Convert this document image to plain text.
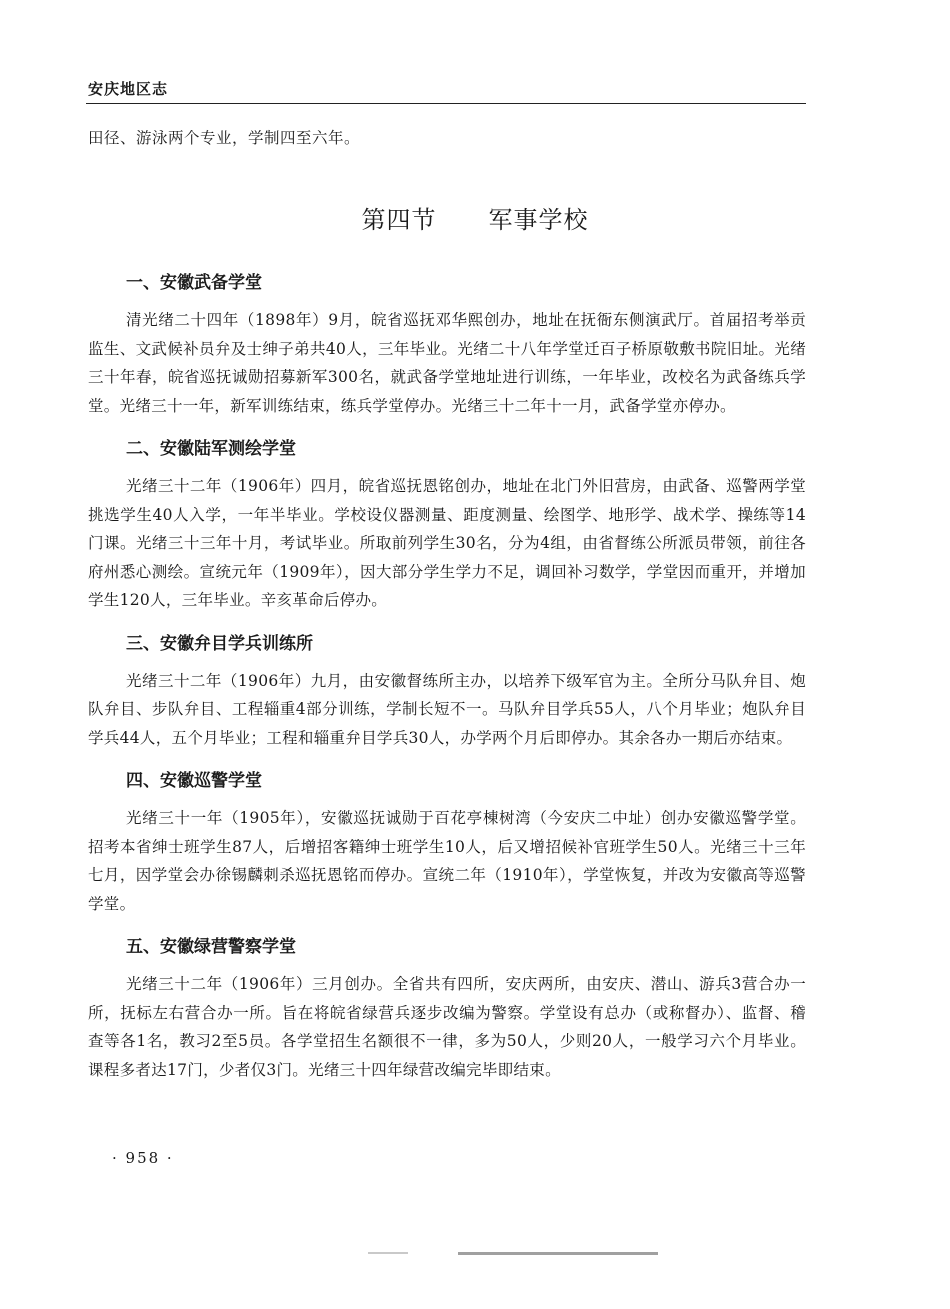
安庆地区志
田径、游泳两个专业，学制四至六年。
第四节 军事学校
一、安徽武备学堂
清光绪二十四年（1898年）9月，皖省巡抚邓华熙创办，地址在抚衙东侧演武厅。首届招考举贡监生、文武候补员弁及士绅子弟共40人，三年毕业。光绪二十八年学堂迁百子桥原敬敷书院旧址。光绪三十年春，皖省巡抚诚勋招募新军300名，就武备学堂地址进行训练，一年毕业，改校名为武备练兵学堂。光绪三十一年，新军训练结束，练兵学堂停办。光绪三十二年十一月，武备学堂亦停办。
二、安徽陆军测绘学堂
光绪三十二年（1906年）四月，皖省巡抚恩铭创办，地址在北门外旧营房，由武备、巡警两学堂挑选学生40人入学，一年半毕业。学校设仪器测量、距度测量、绘图学、地形学、战术学、操练等14门课。光绪三十三年十月，考试毕业。所取前列学生30名，分为4组，由省督练公所派员带领，前往各府州悉心测绘。宣统元年（1909年），因大部分学生学力不足，调回补习数学，学堂因而重开，并增加学生120人，三年毕业。辛亥革命后停办。
三、安徽弁目学兵训练所
光绪三十二年（1906年）九月，由安徽督练所主办，以培养下级军官为主。全所分马队弁目、炮队弁目、步队弁目、工程辎重4部分训练，学制长短不一。马队弁目学兵55人，八个月毕业；炮队弁目学兵44人，五个月毕业；工程和辎重弁目学兵30人，办学两个月后即停办。其余各办一期后亦结束。
四、安徽巡警学堂
光绪三十一年（1905年），安徽巡抚诚勋于百花亭棟树湾（今安庆二中址）创办安徽巡警学堂。招考本省绅士班学生87人，后增招客籍绅士班学生10人，后又增招候补官班学生50人。光绪三十三年七月，因学堂会办徐锡麟刺杀巡抚恩铭而停办。宣统二年（1910年），学堂恢复，并改为安徽高等巡警学堂。
五、安徽绿营警察学堂
光绪三十二年（1906年）三月创办。全省共有四所，安庆两所，由安庆、潜山、游兵3营合办一所，抚标左右营合办一所。旨在将皖省绿营兵逐步改编为警察。学堂设有总办（或称督办）、监督、稽查等各1名，教习2至5员。各学堂招生名额很不一律，多为50人，少则20人，一般学习六个月毕业。课程多者达17门，少者仅3门。光绪三十四年绿营改编完毕即结束。
· 958 ·
